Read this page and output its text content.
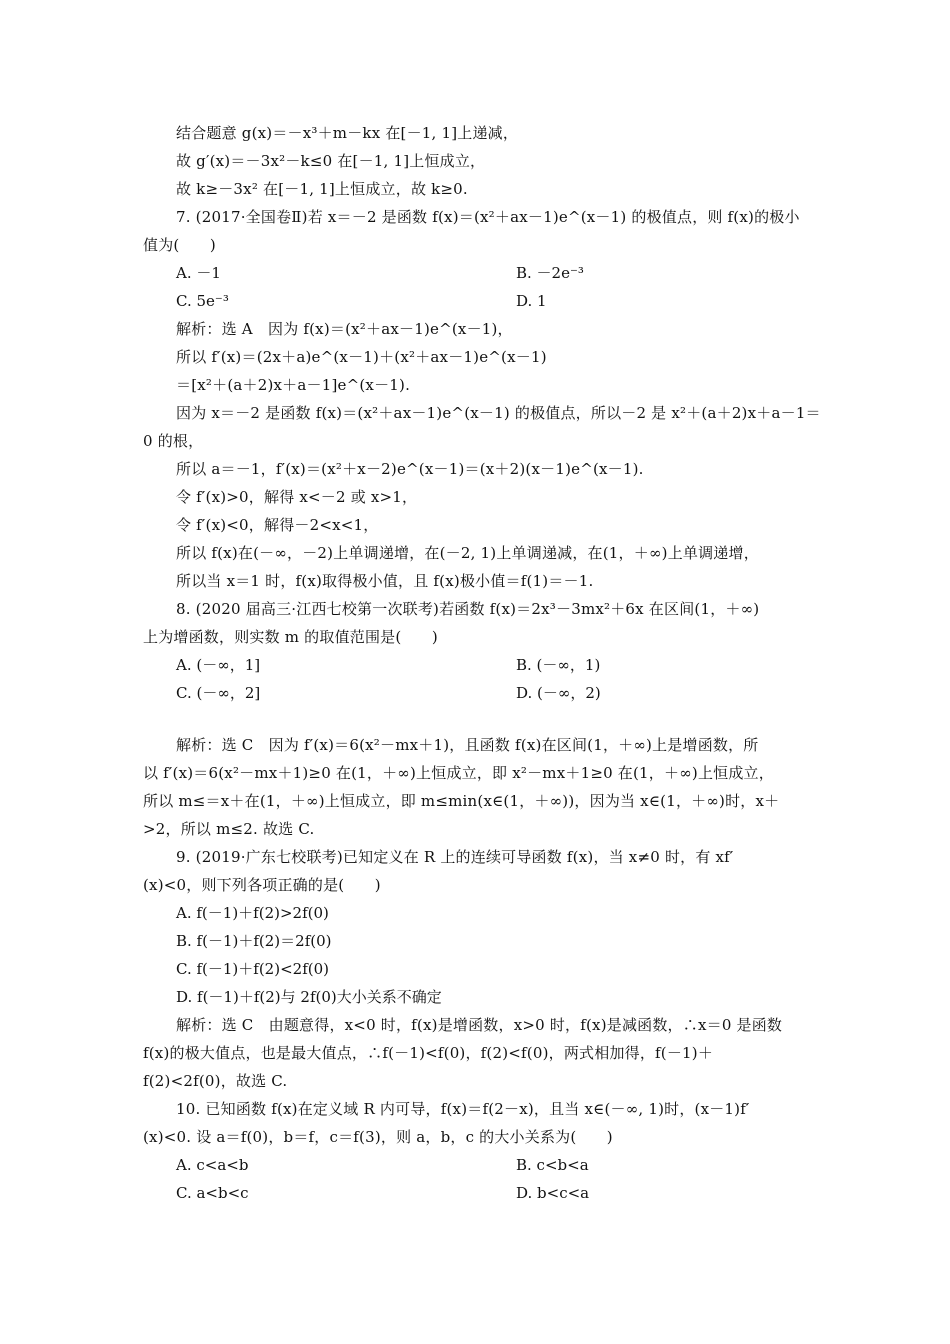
结合题意 g(x)＝－x³＋m－kx 在[－1, 1]上递减，
故 g′(x)＝－3x²－k≤0 在[－1, 1]上恒成立，
故 k≥－3x² 在[－1, 1]上恒成立，故 k≥0.
7. (2017·全国卷Ⅱ)若 x＝－2 是函数 f(x)＝(x²＋ax－1)e^(x－1) 的极值点，则 f(x)的极小
值为(　　)
A. －1	B. －2e⁻³
C. 5e⁻³	D. 1
解析：选 A　因为 f(x)＝(x²＋ax－1)e^(x－1)，
所以 f′(x)＝(2x＋a)e^(x－1)＋(x²＋ax－1)e^(x－1)
＝[x²＋(a＋2)x＋a－1]e^(x－1).
因为 x＝－2 是函数 f(x)＝(x²＋ax－1)e^(x－1) 的极值点，所以－2 是 x²＋(a＋2)x＋a－1＝
0 的根，
所以 a＝－1，f′(x)＝(x²＋x－2)e^(x－1)＝(x＋2)(x－1)e^(x－1).
令 f′(x)>0，解得 x<－2 或 x>1，
令 f′(x)<0，解得－2<x<1，
所以 f(x)在(－∞，－2)上单调递增，在(－2, 1)上单调递减，在(1，＋∞)上单调递增，
所以当 x＝1 时，f(x)取得极小值，且 f(x)极小值＝f(1)＝－1.
8. (2020 届高三·江西七校第一次联考)若函数 f(x)＝2x³－3mx²＋6x 在区间(1，＋∞)
上为增函数，则实数 m 的取值范围是(　　)
A. (－∞，1]	B. (－∞，1)
C. (－∞，2]	D. (－∞，2)
解析：选 C　因为 f′(x)＝6(x²－mx＋1)，且函数 f(x)在区间(1，＋∞)上是增函数，所
以 f′(x)＝6(x²－mx＋1)≥0 在(1，＋∞)上恒成立，即 x²－mx＋1≥0 在(1，＋∞)上恒成立，
所以 m≤＝x＋在(1，＋∞)上恒成立，即 m≤min(x∈(1，＋∞))，因为当 x∈(1，＋∞)时，x＋
>2，所以 m≤2. 故选 C.
9. (2019·广东七校联考)已知定义在 R 上的连续可导函数 f(x)，当 x≠0 时，有 xf′
(x)<0，则下列各项正确的是(　　)
A. f(－1)＋f(2)>2f(0)
B. f(－1)＋f(2)＝2f(0)
C. f(－1)＋f(2)<2f(0)
D. f(－1)＋f(2)与 2f(0)大小关系不确定
解析：选 C　由题意得，x<0 时，f(x)是增函数，x>0 时，f(x)是减函数，∴x＝0 是函数
f(x)的极大值点，也是最大值点，∴f(－1)<f(0)，f(2)<f(0)，两式相加得，f(－1)＋
f(2)<2f(0)，故选 C.
10. 已知函数 f(x)在定义域 R 内可导，f(x)＝f(2－x)，且当 x∈(－∞, 1)时，(x－1)f′
(x)<0. 设 a＝f(0)，b＝f，c＝f(3)，则 a，b，c 的大小关系为(　　)
A. c<a<b	B. c<b<a
C. a<b<c	D. b<c<a
